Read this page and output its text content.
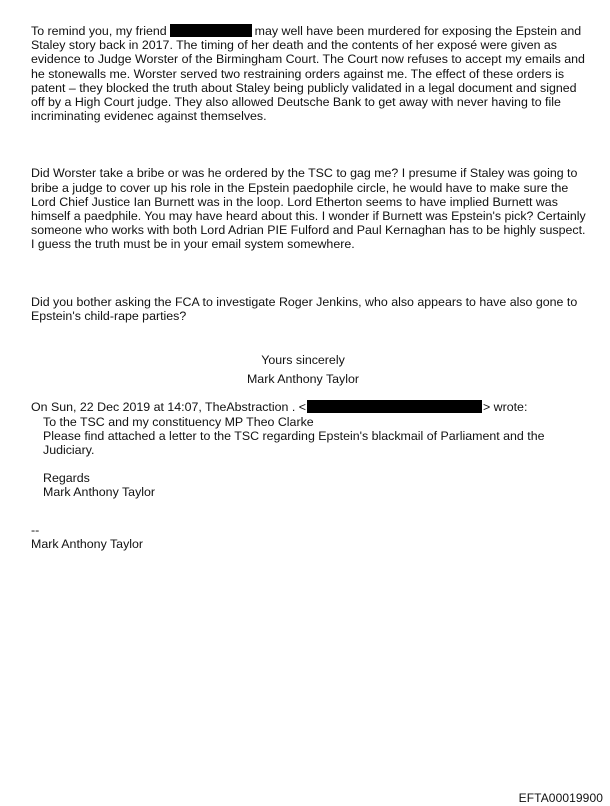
To remind you, my friend	may well have been murdered for exposing the Epstein and Staley story back in 2017. The timing of her death and the contents of her exposé were given as evidence to Judge Worster of the Birmingham Court. The Court now refuses to accept my emails and he stonewalls me. Worster served two restraining orders against me. The effect of these orders is patent – they blocked the truth about Staley being publicly validated in a legal document and signed off by a High Court judge. They also allowed Deutsche Bank to get away with never having to file incriminating evidenec against themselves.

Did Worster take a bribe or was he ordered by the TSC to gag me? I presume if Staley was going to bribe a judge to cover up his role in the Epstein paedophile circle, he would have to make sure the Lord Chief Justice Ian Burnett was in the loop. Lord Etherton seems to have implied Burnett was himself a paedphile. You may have heard about this. I wonder if Burnett was Epstein's pick? Certainly someone who works with both Lord Adrian PIE Fulford and Paul Kernaghan has to be highly suspect. I guess the truth must be in your email system somewhere.

Did you bother asking the FCA to investigate Roger Jenkins, who also appears to have also gone to Epstein's child-rape parties?

Yours sincerely

Mark Anthony Taylor

On Sun, 22 Dec 2019 at 14:07, TheAbstraction . <	> wrote:

To the TSC and my constituency MP Theo Clarke

Please find attached a letter to the TSC regarding Epstein's blackmail of Parliament and the Judiciary.

Regards

Mark Anthony Taylor

--

Mark Anthony Taylor

EFTA00019900
